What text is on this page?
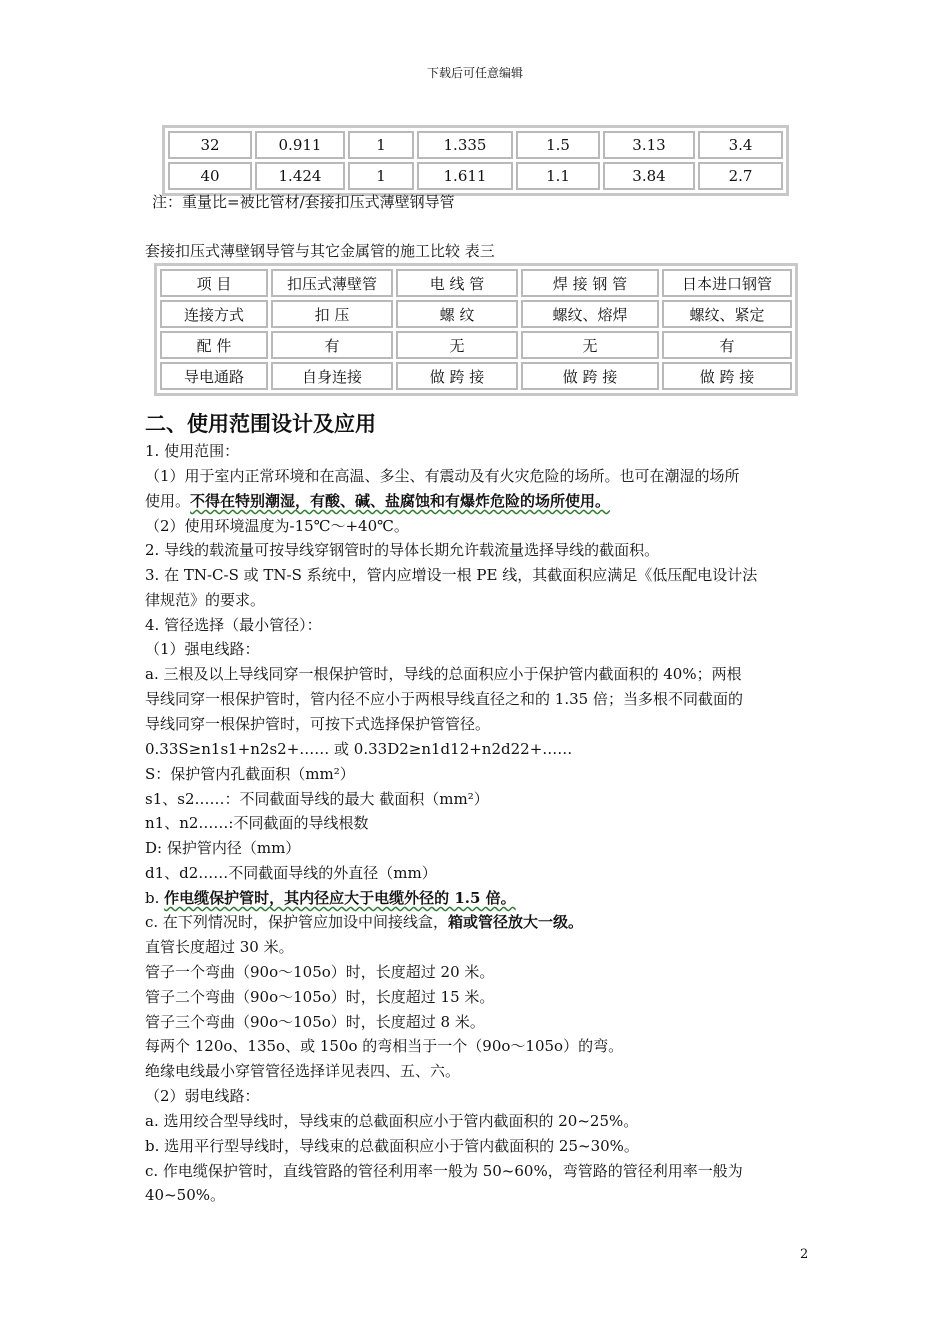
下载后可任意编辑
32	0.911	1	1.335	1.5	3.13	3.4
40	1.424	1	1.611	1.1	3.84	2.7
注：重量比=被比管材/套接扣压式薄壁钢导管
套接扣压式薄壁钢导管与其它金属管的施工比较 表三
项 目	扣压式薄壁管	电 线 管	焊 接 钢 管	日本进口钢管
连接方式	扣 压	螺 纹	螺纹、熔焊	螺纹、紧定
配 件	有	无	无	有
导电通路	自身连接	做 跨 接	做 跨 接	做 跨 接
二、使用范围设计及应用
1. 使用范围：
（1）用于室内正常环境和在高温、多尘、有震动及有火灾危险的场所。也可在潮湿的场所
使用。不得在特别潮湿，有酸、碱、盐腐蚀和有爆炸危险的场所使用。
（2）使用环境温度为-15℃～+40℃。
2. 导线的载流量可按导线穿钢管时的导体长期允许载流量选择导线的截面积。
3. 在 TN-C-S 或 TN-S 系统中，管内应增设一根 PE 线，其截面积应满足《低压配电设计法
律规范》的要求。
4. 管径选择（最小管径）：
（1）强电线路：
a. 三根及以上导线同穿一根保护管时，导线的总面积应小于保护管内截面积的 40%；两根
导线同穿一根保护管时，管内径不应小于两根导线直径之和的 1.35 倍；当多根不同截面的
导线同穿一根保护管时，可按下式选择保护管管径。
0.33S≥n1s1+n2s2+…… 或 0.33D2≥n1d12+n2d22+……
S：保护管内孔截面积（mm²）
s1、s2……：不同截面导线的最大 截面积（mm²）
n1、n2……:不同截面的导线根数
D: 保护管内径（mm）
d1、d2……不同截面导线的外直径（mm）
b. 作电缆保护管时，其内径应大于电缆外径的 1.5 倍。
c. 在下列情况时，保护管应加设中间接线盒，箱或管径放大一级。
直管长度超过 30 米。
管子一个弯曲（90o～105o）时，长度超过 20 米。
管子二个弯曲（90o～105o）时，长度超过 15 米。
管子三个弯曲（90o～105o）时，长度超过 8 米。
每两个 120o、135o、或 150o 的弯相当于一个（90o～105o）的弯。
绝缘电线最小穿管管径选择详见表四、五、六。
（2）弱电线路：
a. 选用绞合型导线时，导线束的总截面积应小于管内截面积的 20~25%。
b. 选用平行型导线时，导线束的总截面积应小于管内截面积的 25~30%。
c. 作电缆保护管时，直线管路的管径利用率一般为 50~60%，弯管路的管径利用率一般为
40~50%。
2
